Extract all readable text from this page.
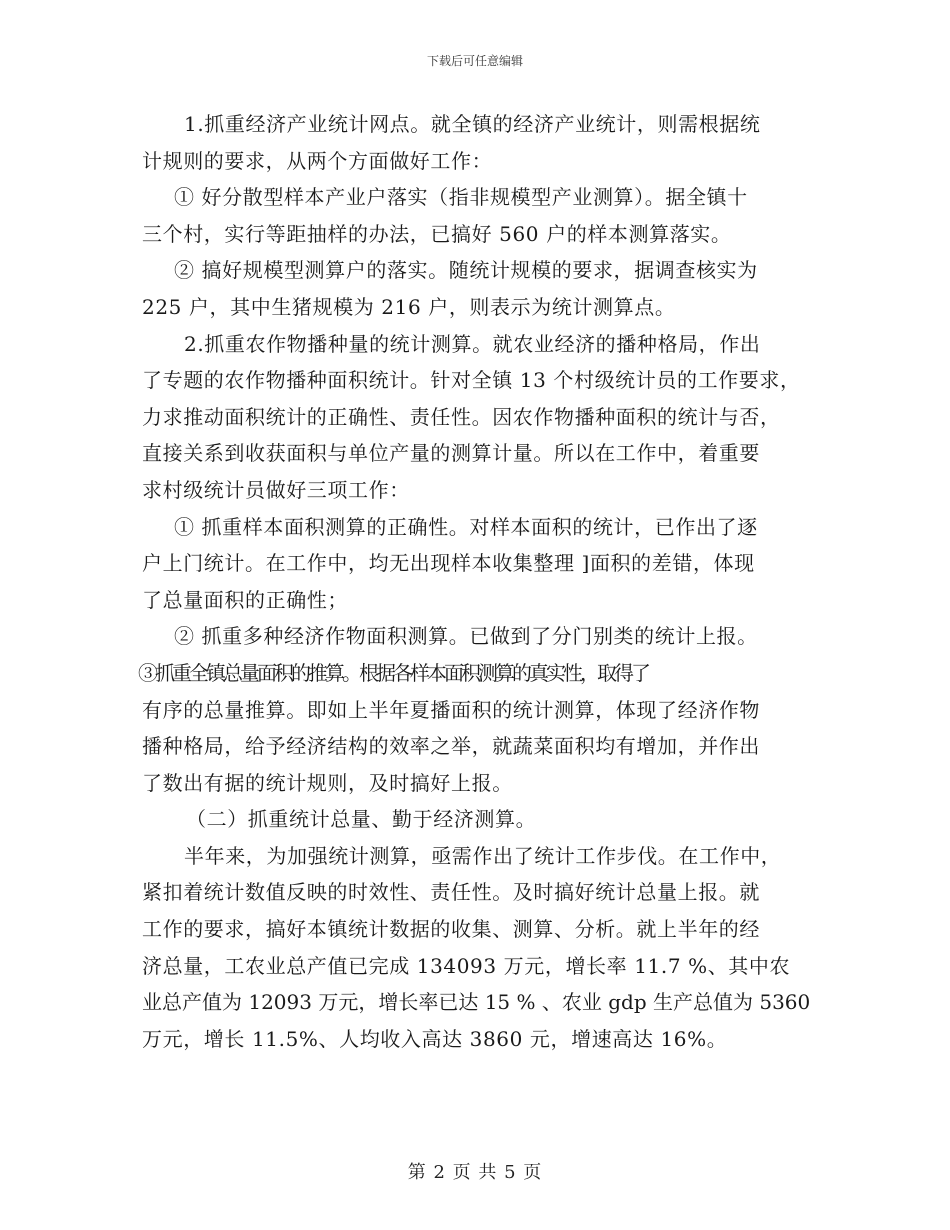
下载后可任意编辑
1.抓重经济产业统计网点。就全镇的经济产业统计，则需根据统
计规则的要求，从两个方面做好工作：
① 好分散型样本产业户落实（指非规模型产业测算）。据全镇十
三个村，实行等距抽样的办法，已搞好 560 户的样本测算落实。
② 搞好规模型测算户的落实。随统计规模的要求，据调查核实为
225 户，其中生猪规模为 216 户，则表示为统计测算点。
2.抓重农作物播种量的统计测算。就农业经济的播种格局，作出
了专题的农作物播种面积统计。针对全镇 13 个村级统计员的工作要求，
力求推动面积统计的正确性、责任性。因农作物播种面积的统计与否，
直接关系到收获面积与单位产量的测算计量。所以在工作中，着重要
求村级统计员做好三项工作：
① 抓重样本面积测算的正确性。对样本面积的统计，已作出了逐
户上门统计。在工作中，均无出现样本收集整理 ]面积的差错，体现
了总量面积的正确性；
② 抓重多种经济作物面积测算。已做到了分门别类的统计上报。
③抓重全镇总量面积的推算。根据各样本面积测算的真实性，取得了
有序的总量推算。即如上半年夏播面积的统计测算，体现了经济作物
播种格局，给予经济结构的效率之举，就蔬菜面积均有增加，并作出
了数出有据的统计规则，及时搞好上报。
（二）抓重统计总量、勤于经济测算。
半年来，为加强统计测算，亟需作出了统计工作步伐。在工作中，
紧扣着统计数值反映的时效性、责任性。及时搞好统计总量上报。就
工作的要求，搞好本镇统计数据的收集、测算、分析。就上半年的经
济总量，工农业总产值已完成 134093 万元，增长率 11.7 %、其中农
业总产值为 12093 万元，增长率已达 15 % 、农业 gdp 生产总值为 5360
万元，增长 11.5%、人均收入高达 3860 元，增速高达 16%。
第 2 页 共 5 页
